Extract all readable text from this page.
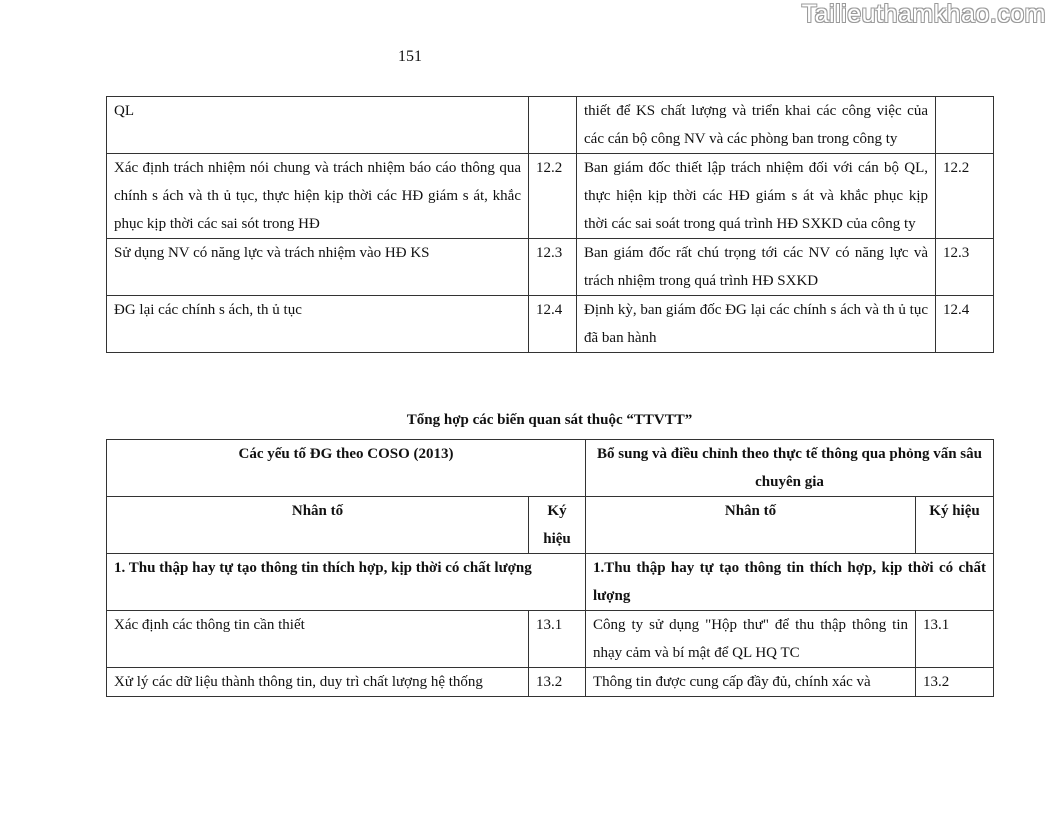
Tailieuthamkhao.com
151
QL		thiết để KS chất lượng và triển khai các công việc của các cán bộ công NV và các phòng ban trong công ty	
Xác định trách nhiệm nói chung và trách nhiệm báo cáo thông qua chính s ách và th ủ tục, thực hiện kịp thời các HĐ giám s át, khắc phục kịp thời các sai sót trong HĐ	12.2	Ban giám đốc thiết lập trách nhiệm đối với cán bộ QL, thực hiện kịp thời các HĐ giám s át và khắc phục kịp thời các sai soát trong quá trình HĐ SXKD của công ty	12.2
Sử dụng NV có năng lực và trách nhiệm vào HĐ KS	12.3	Ban giám đốc rất chú trọng tới các NV có năng lực và trách nhiệm trong quá trình HĐ SXKD	12.3
ĐG lại các chính s ách, th ủ tục	12.4	Định kỳ, ban giám đốc ĐG lại các chính s ách và th ủ tục đã ban hành	12.4
Tổng hợp các biến quan sát thuộc “TTVTT”
Các yếu tố ĐG theo COSO (2013)		Bổ sung và điều chỉnh theo thực tế thông qua phỏng vấn sâu chuyên gia	
Nhân tố	Ký hiệu	Nhân tố	Ký hiệu
1. Thu thập hay tự tạo thông tin thích hợp, kịp thời có chất lượng		1.Thu thập hay tự tạo thông tin thích hợp, kịp thời có chất lượng	
Xác định các thông tin cần thiết	13.1	Công ty sử dụng "Hộp thư" để thu thập thông tin nhạy cảm và bí mật để QL HQ TC	13.1
Xử lý các dữ liệu thành thông tin, duy trì chất lượng hệ thống	13.2	Thông tin được cung cấp đầy đủ, chính xác và	13.2
